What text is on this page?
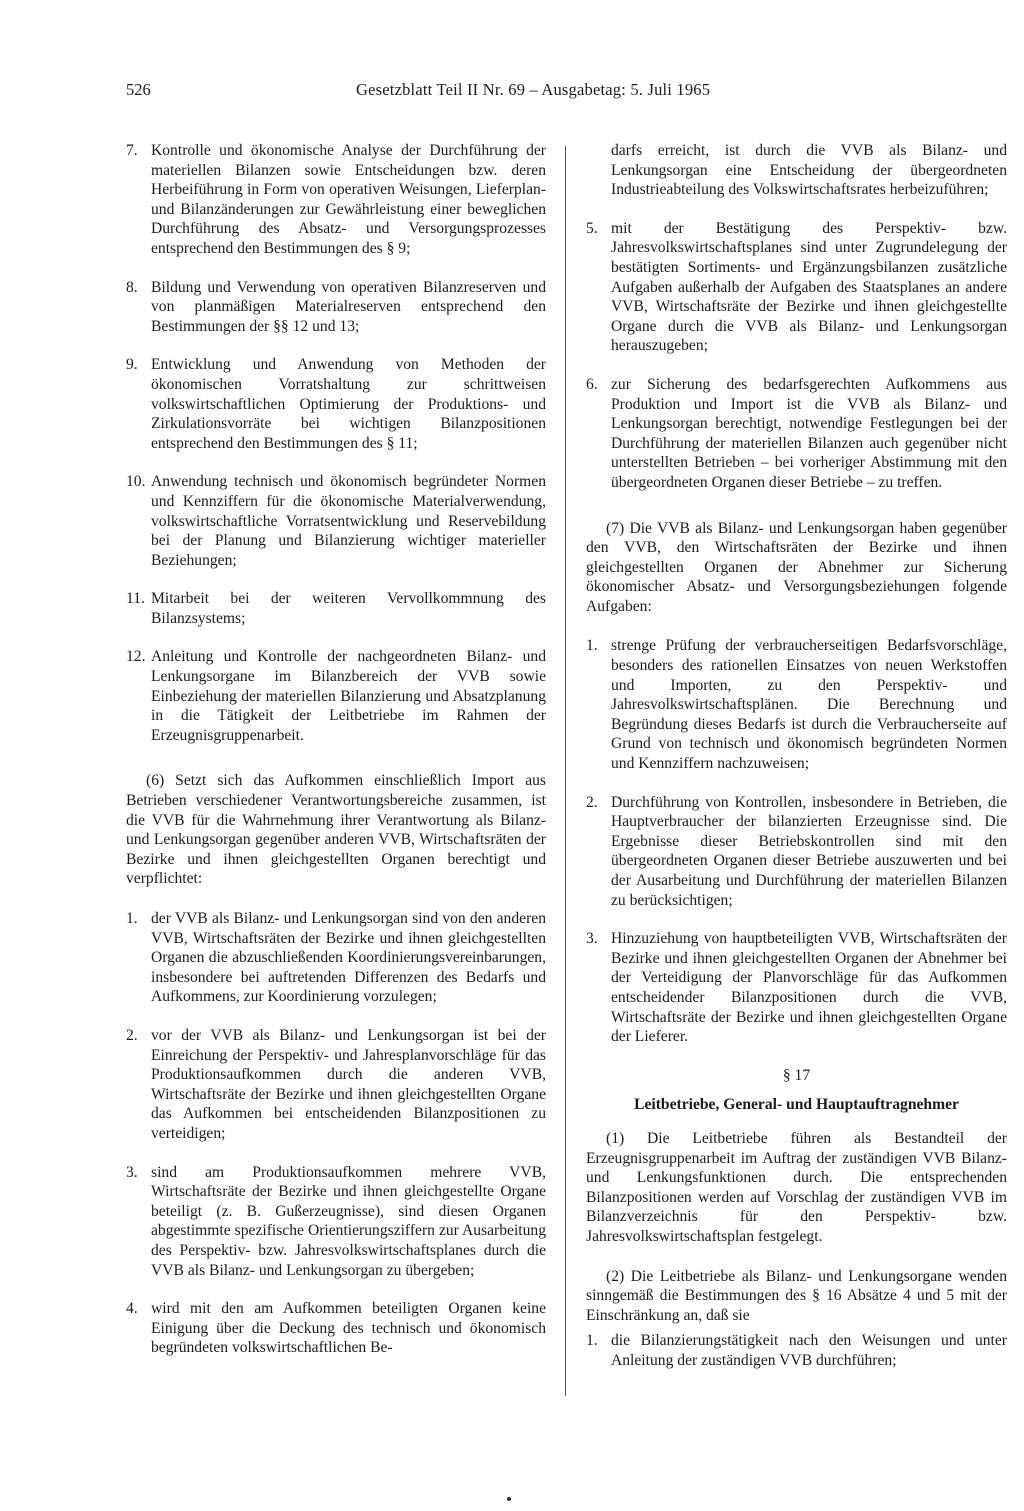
526	Gesetzblatt Teil II Nr. 69 – Ausgabetag: 5. Juli 1965
7. Kontrolle und ökonomische Analyse der Durchführung der materiellen Bilanzen sowie Entscheidungen bzw. deren Herbeiführung in Form von operativen Weisungen, Lieferplan- und Bilanzänderungen zur Gewährleistung einer beweglichen Durchführung des Absatz- und Versorgungsprozesses entsprechend den Bestimmungen des § 9;
8. Bildung und Verwendung von operativen Bilanzreserven und von planmäßigen Materialreserven entsprechend den Bestimmungen der §§ 12 und 13;
9. Entwicklung und Anwendung von Methoden der ökonomischen Vorratshaltung zur schrittweisen volkswirtschaftlichen Optimierung der Produktions- und Zirkulationsvorräte bei wichtigen Bilanzpositionen entsprechend den Bestimmungen des § 11;
10. Anwendung technisch und ökonomisch begründeter Normen und Kennziffern für die ökonomische Materialverwendung, volkswirtschaftliche Vorratsentwicklung und Reservebildung bei der Planung und Bilanzierung wichtiger materieller Beziehungen;
11. Mitarbeit bei der weiteren Vervollkommnung des Bilanzsystems;
12. Anleitung und Kontrolle der nachgeordneten Bilanz- und Lenkungsorgane im Bilanzbereich der VVB sowie Einbeziehung der materiellen Bilanzierung und Absatzplanung in die Tätigkeit der Leitbetriebe im Rahmen der Erzeugnisgruppenarbeit.

(6) Setzt sich das Aufkommen einschließlich Import aus Betrieben verschiedener Verantwortungsbereiche zusammen, ist die VVB für die Wahrnehmung ihrer Verantwortung als Bilanz- und Lenkungsorgan gegenüber anderen VVB, Wirtschaftsräten der Bezirke und ihnen gleichgestellten Organen berechtigt und verpflichtet:

1. der VVB als Bilanz- und Lenkungsorgan sind von den anderen VVB, Wirtschaftsräten der Bezirke und ihnen gleichgestellten Organen die abzuschließenden Koordinierungsvereinbarungen, insbesondere bei auftretenden Differenzen des Bedarfs und Aufkommens, zur Koordinierung vorzulegen;
2. vor der VVB als Bilanz- und Lenkungsorgan ist bei der Einreichung der Perspektiv- und Jahresplanvorschläge für das Produktionsaufkommen durch die anderen VVB, Wirtschaftsräte der Bezirke und ihnen gleichgestellten Organe das Aufkommen bei entscheidenden Bilanzpositionen zu verteidigen;
3. sind am Produktionsaufkommen mehrere VVB, Wirtschaftsräte der Bezirke und ihnen gleichgestellte Organe beteiligt (z. B. Gußerzeugnisse), sind diesen Organen abgestimmte spezifische Orientierungsziffern zur Ausarbeitung des Perspektiv- bzw. Jahresvolkswirtschaftsplanes durch die VVB als Bilanz- und Lenkungsorgan zu übergeben;
4. wird mit den am Aufkommen beteiligten Organen keine Einigung über die Deckung des technisch und ökonomisch begründeten volkswirtschaftlichen Be-

darfs erreicht, ist durch die VVB als Bilanz- und Lenkungsorgan eine Entscheidung der übergeordneten Industrieabteilung des Volkswirtschaftsrates herbeizuführen;

5. mit der Bestätigung des Perspektiv- bzw. Jahresvolkswirtschaftsplanes sind unter Zugrundelegung der bestätigten Sortiments- und Ergänzungsbilanzen zusätzliche Aufgaben außerhalb der Aufgaben des Staatsplanes an andere VVB, Wirtschaftsräte der Bezirke und ihnen gleichgestellte Organe durch die VVB als Bilanz- und Lenkungsorgan herauszugeben;
6. zur Sicherung des bedarfsgerechten Aufkommens aus Produktion und Import ist die VVB als Bilanz- und Lenkungsorgan berechtigt, notwendige Festlegungen bei der Durchführung der materiellen Bilanzen auch gegenüber nicht unterstellten Betrieben – bei vorheriger Abstimmung mit den übergeordneten Organen dieser Betriebe – zu treffen.

(7) Die VVB als Bilanz- und Lenkungsorgan haben gegenüber den VVB, den Wirtschaftsräten der Bezirke und ihnen gleichgestellten Organen der Abnehmer zur Sicherung ökonomischer Absatz- und Versorgungsbeziehungen folgende Aufgaben:

1. strenge Prüfung der verbraucherseitigen Bedarfsvorschläge, besonders des rationellen Einsatzes von neuen Werkstoffen und Importen, zu den Perspektiv- und Jahresvolkswirtschaftsplänen. Die Berechnung und Begründung dieses Bedarfs ist durch die Verbraucherseite auf Grund von technisch und ökonomisch begründeten Normen und Kennziffern nachzuweisen;
2. Durchführung von Kontrollen, insbesondere in Betrieben, die Hauptverbraucher der bilanzierten Erzeugnisse sind. Die Ergebnisse dieser Betriebskontrollen sind mit den übergeordneten Organen dieser Betriebe auszuwerten und bei der Ausarbeitung und Durchführung der materiellen Bilanzen zu berücksichtigen;
3. Hinzuziehung von hauptbeteiligten VVB, Wirtschaftsräten der Bezirke und ihnen gleichgestellten Organen der Abnehmer bei der Verteidigung der Planvorschläge für das Aufkommen entscheidender Bilanzpositionen durch die VVB, Wirtschaftsräte der Bezirke und ihnen gleichgestellten Organe der Lieferer.
§ 17
Leitbetriebe, General- und Hauptauftragnehmer

(1) Die Leitbetriebe führen als Bestandteil der Erzeugnisgruppenarbeit im Auftrag der zuständigen VVB Bilanz- und Lenkungsfunktionen durch. Die entsprechenden Bilanzpositionen werden auf Vorschlag der zuständigen VVB im Bilanzverzeichnis für den Perspektiv- bzw. Jahresvolkswirtschaftsplan festgelegt.

(2) Die Leitbetriebe als Bilanz- und Lenkungsorgane wenden sinngemäß die Bestimmungen des § 16 Absätze 4 und 5 mit der Einschränkung an, daß sie

1. die Bilanzierungstätigkeit nach den Weisungen und unter Anleitung der zuständigen VVB durchführen;
